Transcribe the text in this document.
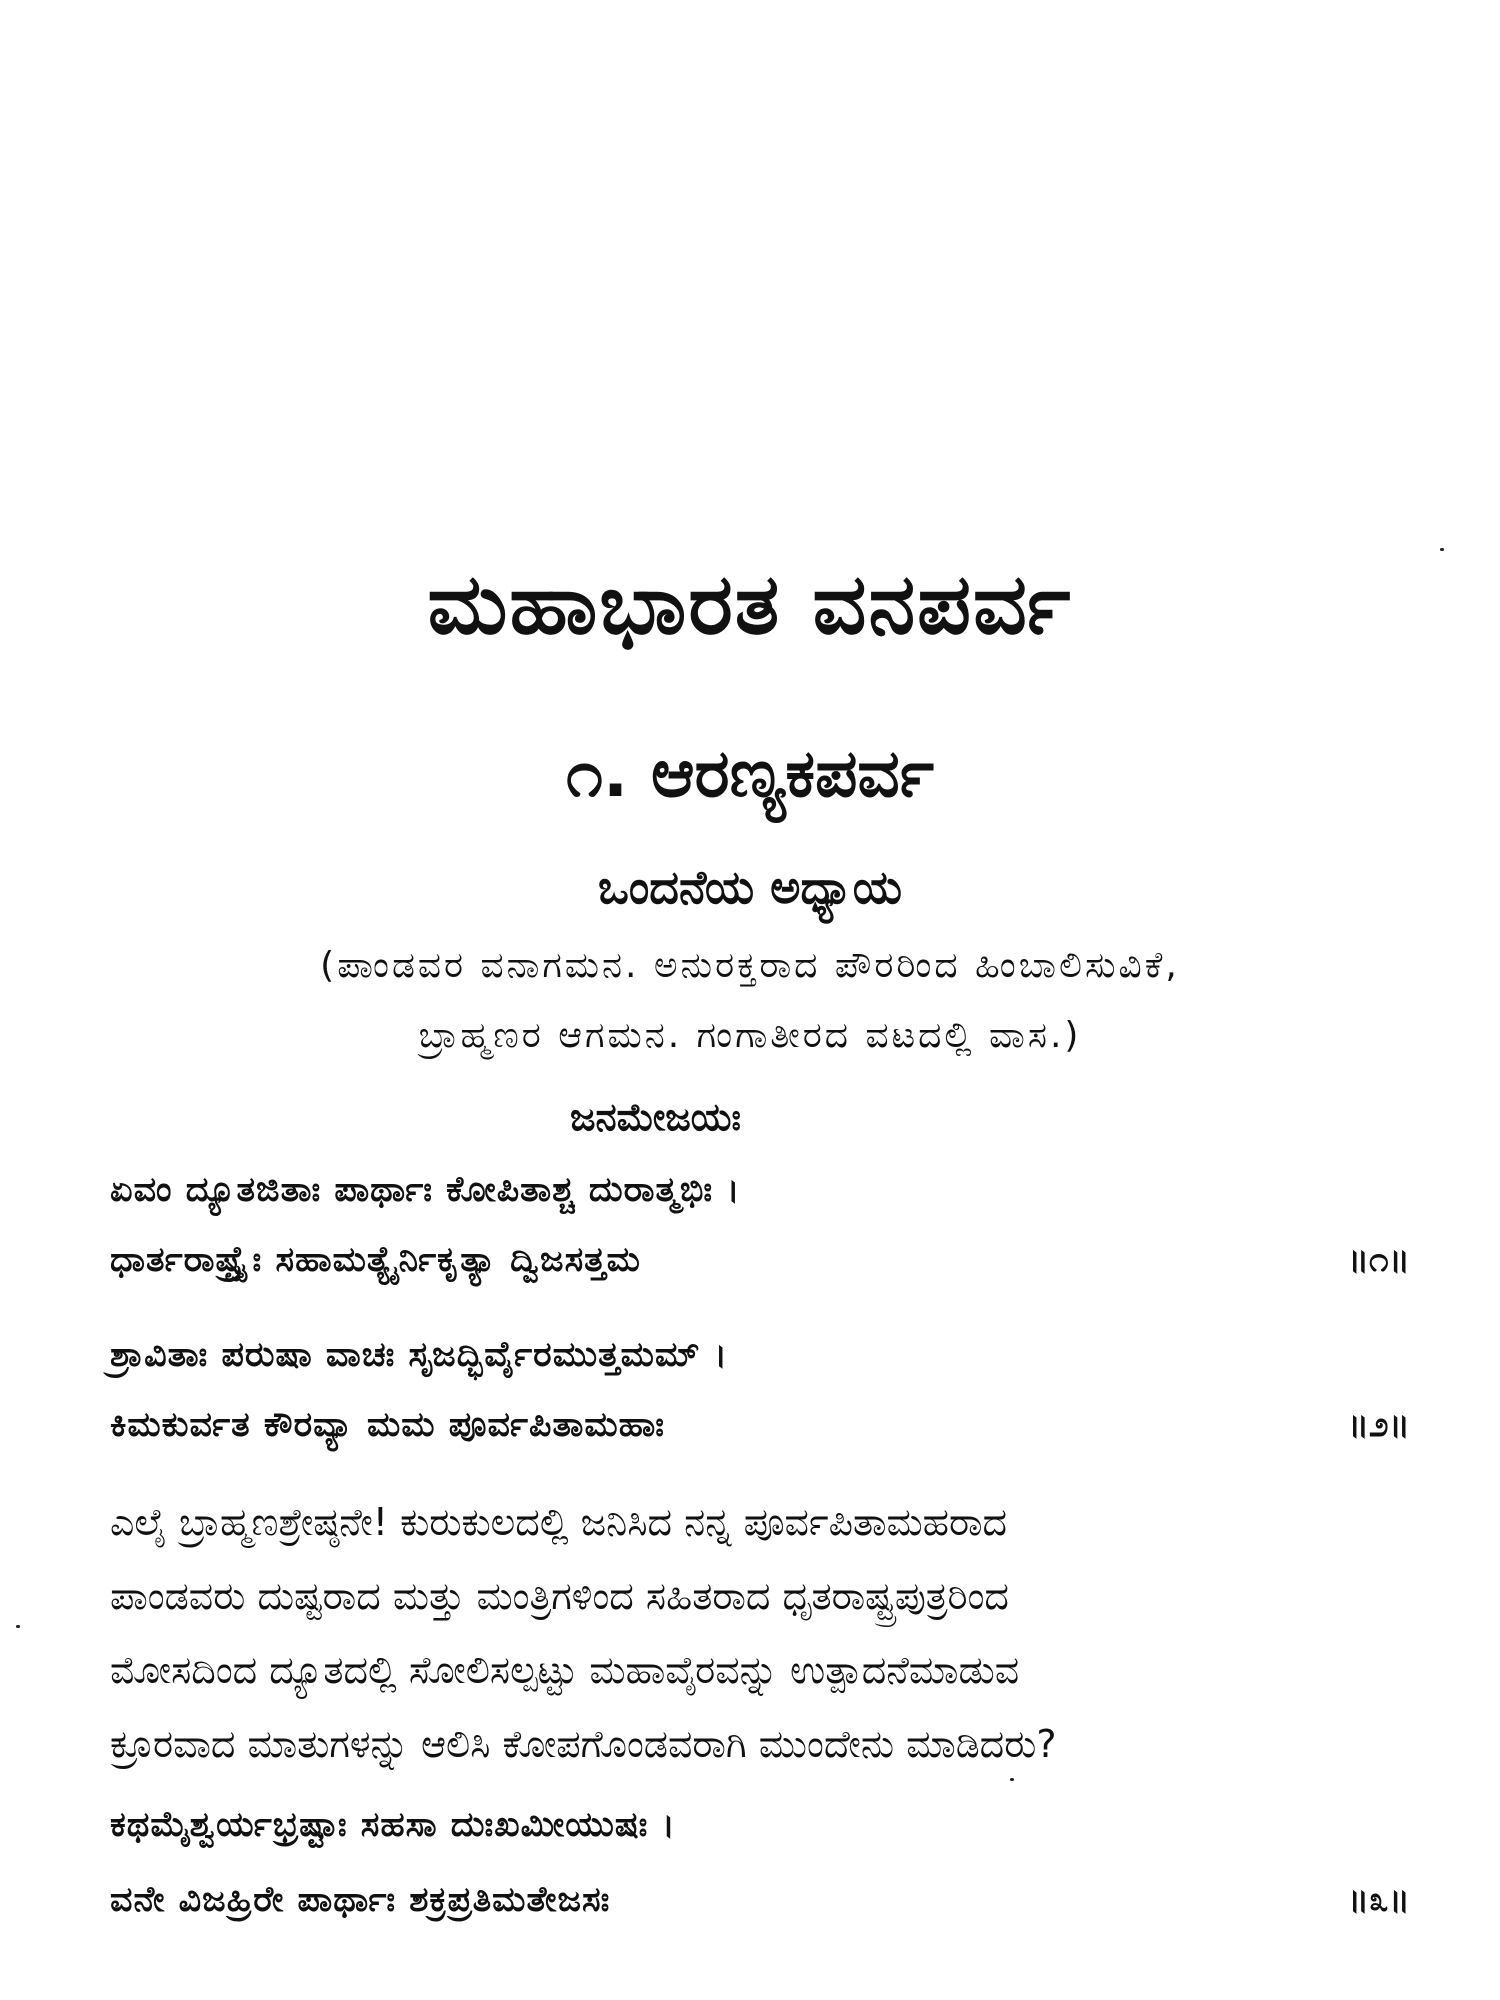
ಮಹಾಭಾರತ ವನಪರ್ವ
೧. ಆರಣ್ಯಕಪರ್ವ
ಒಂದನೆಯ ಅಧ್ಯಾಯ
(ಪಾಂಡವರ ವನಾಗಮನ. ಅನುರಕ್ತರಾದ ಪೌರರಿಂದ ಹಿಂಬಾಲಿಸುವಿಕೆ,
ಬ್ರಾಹ್ಮಣರ ಆಗಮನ. ಗಂಗಾತೀರದ ವಟದಲ್ಲಿ ವಾಸ.)
ಜನಮೇಜಯಃ
ಏವಂ ದ್ಯೂತಜಿತಾಃ ಪಾರ್ಥಾಃ ಕೋಪಿತಾಶ್ಚ ದುರಾತ್ಮಭಿಃ ।
ಧಾರ್ತರಾಷ್ಟ್ರೈಃ ಸಹಾಮತ್ಯೈರ್ನಿಕೃತ್ಯಾ ದ್ವಿಜಸತ್ತಮ	॥೧॥
ಶ್ರಾವಿತಾಃ ಪರುಷಾ ವಾಚಃ ಸೃಜದ್ಭಿರ್ವೈರಮುತ್ತಮಮ್ ।
ಕಿಮಕುರ್ವತ ಕೌರವ್ಯಾ ಮಮ ಪೂರ್ವಪಿತಾಮಹಾಃ	॥೨॥
ಎಲೈ ಬ್ರಾಹ್ಮಣಶ್ರೇಷ್ಠನೇ! ಕುರುಕುಲದಲ್ಲಿ ಜನಿಸಿದ ನನ್ನ ಪೂರ್ವಪಿತಾಮಹರಾದ
ಪಾಂಡವರು ದುಷ್ಟರಾದ ಮತ್ತು ಮಂತ್ರಿಗಳಿಂದ ಸಹಿತರಾದ ಧೃತರಾಷ್ಟ್ರಪುತ್ರರಿಂದ
ಮೋಸದಿಂದ ದ್ಯೂತದಲ್ಲಿ ಸೋಲಿಸಲ್ಪಟ್ಟು ಮಹಾವೈರವನ್ನು ಉತ್ಪಾದನೆಮಾಡುವ
ಕ್ರೂರವಾದ ಮಾತುಗಳನ್ನು ಆಲಿಸಿ ಕೋಪಗೊಂಡವರಾಗಿ ಮುಂದೇನು ಮಾಡಿದರು?
ಕಥಮೈಶ್ವರ್ಯಭ್ರಷ್ಟಾಃ ಸಹಸಾ ದುಃಖಮೀಯುಷಃ ।
ವನೇ ವಿಜಹ್ರಿರೇ ಪಾರ್ಥಾಃ ಶಕ್ರಪ್ರತಿಮತೇಜಸಃ	॥೩॥
